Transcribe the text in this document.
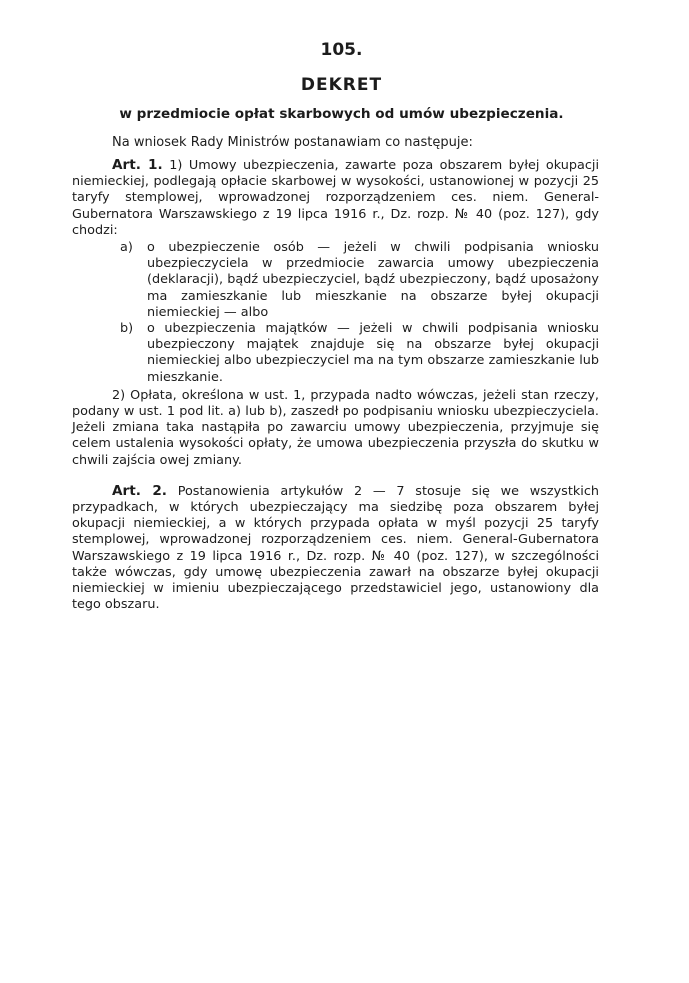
105.
DEKRET
w przedmiocie opłat skarbowych od umów ubezpieczenia.
Na wniosek Rady Ministrów postanawiam co następuje:

Art. 1. 1) Umowy ubezpieczenia, zawarte poza obszarem byłej okupacji niemieckiej, podlegają opłacie skarbowej w wysokości, ustanowionej w pozycji 25 taryfy stemplowej, wprowadzonej rozporządzeniem ces. niem. General-Gubernatora Warszawskiego z 19 lipca 1916 r., Dz. rozp. № 40 (poz. 127), gdy chodzi:

a) o ubezpieczenie osób — jeżeli w chwili podpisania wniosku ubezpieczyciela w przedmiocie zawarcia umowy ubezpieczenia (deklaracji), bądź ubezpieczyciel, bądź ubezpieczony, bądź uposażony ma zamieszkanie lub mieszkanie na obszarze byłej okupacji niemieckiej — albo
b) o ubezpieczenia majątków — jeżeli w chwili podpisania wniosku ubezpieczony majątek znajduje się na obszarze byłej okupacji niemieckiej albo ubezpieczyciel ma na tym obszarze zamieszkanie lub mieszkanie.

2) Opłata, określona w ust. 1, przypada nadto wówczas, jeżeli stan rzeczy, podany w ust. 1 pod lit. a) lub b), zaszedł po podpisaniu wniosku ubezpieczyciela. Jeżeli zmiana taka nastąpiła po zawarciu umowy ubezpieczenia, przyjmuje się celem ustalenia wysokości opłaty, że umowa ubezpieczenia przyszła do skutku w chwili zajścia owej zmiany.

Art. 2. Postanowienia artykułów 2 — 7 stosuje się we wszystkich przypadkach, w których ubezpieczający ma siedzibę poza obszarem byłej okupacji niemieckiej, a w których przypada opłata w myśl pozycji 25 taryfy stemplowej, wprowadzonej rozporządzeniem ces. niem. General-Gubernatora Warszawskiego z 19 lipca 1916 r., Dz. rozp. № 40 (poz. 127), w szczególności także wówczas, gdy umowę ubezpieczenia zawarł na obszarze byłej okupacji niemieckiej w imieniu ubezpieczającego przedstawiciel jego, ustanowiony dla tego obszaru.
